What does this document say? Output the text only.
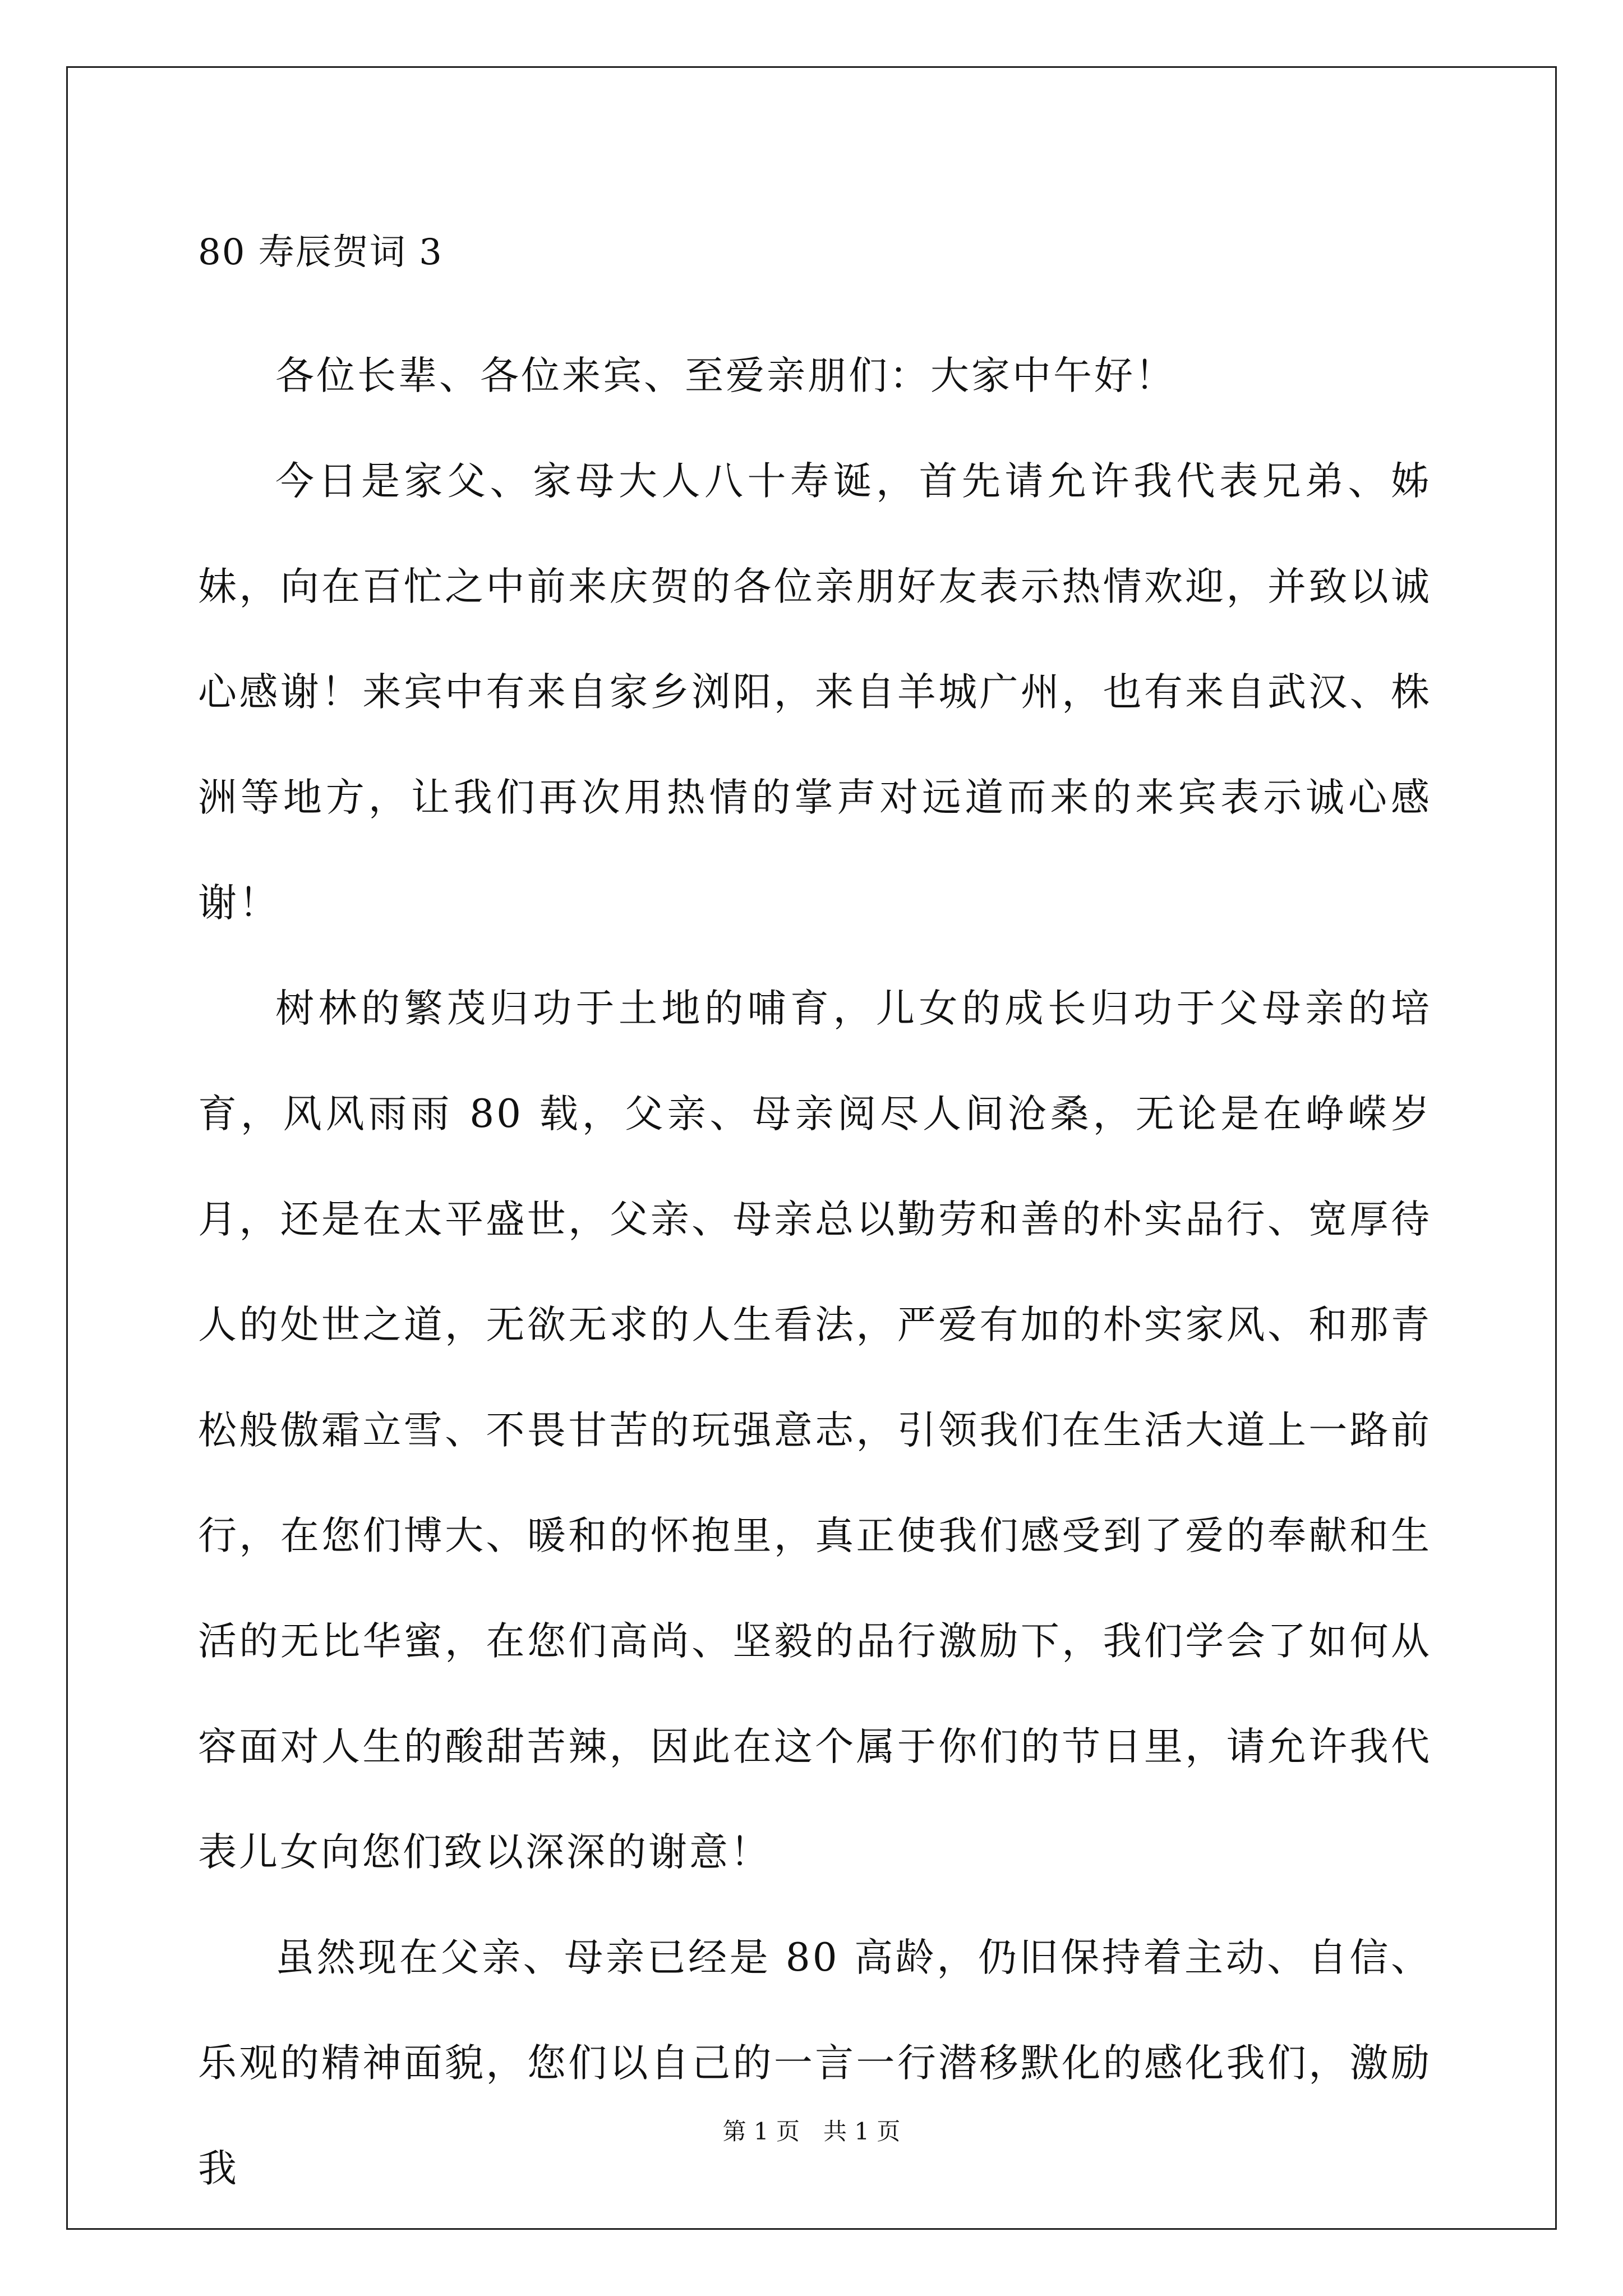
80 寿辰贺词 3

各位长辈、各位来宾、至爱亲朋们：大家中午好！

今日是家父、家母大人八十寿诞，首先请允许我代表兄弟、姊妹，向在百忙之中前来庆贺的各位亲朋好友表示热情欢迎，并致以诚心感谢！来宾中有来自家乡浏阳，来自羊城广州，也有来自武汉、株洲等地方，让我们再次用热情的掌声对远道而来的来宾表示诚心感谢！

树林的繁茂归功于土地的哺育，儿女的成长归功于父母亲的培育，风风雨雨 80 载，父亲、母亲阅尽人间沧桑，无论是在峥嵘岁月，还是在太平盛世，父亲、母亲总以勤劳和善的朴实品行、宽厚待人的处世之道，无欲无求的人生看法，严爱有加的朴实家风、和那青松般傲霜立雪、不畏甘苦的玩强意志，引领我们在生活大道上一路前行，在您们博大、暖和的怀抱里，真正使我们感受到了爱的奉献和生活的无比华蜜，在您们高尚、坚毅的品行激励下，我们学会了如何从容面对人生的酸甜苦辣，因此在这个属于你们的节日里，请允许我代表儿女向您们致以深深的谢意！

虽然现在父亲、母亲已经是 80 高龄，仍旧保持着主动、自信、乐观的精神面貌，您们以自己的一言一行潜移默化的感化我们，激励我

第 1 页　共 1 页
